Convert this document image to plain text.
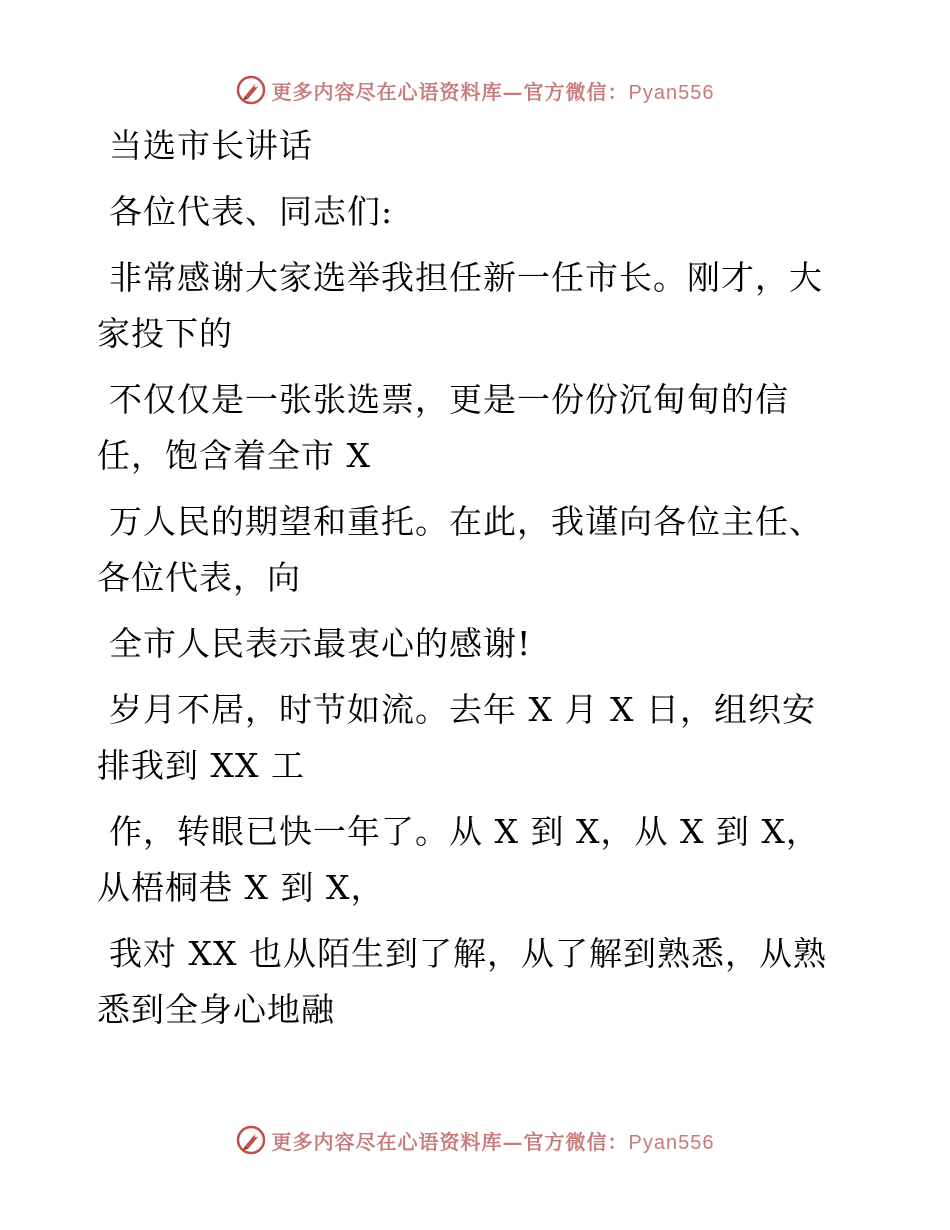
更多内容尽在心语资料库—官方微信：Pyan556
当选市长讲话
各位代表、同志们:
非常感谢大家选举我担任新一任市长。刚才，大
家投下的
不仅仅是一张张选票，更是一份份沉甸甸的信
任，饱含着全市 X
万人民的期望和重托。在此，我谨向各位主任、
各位代表，向
全市人民表示最衷心的感谢!
岁月不居，时节如流。去年 X 月 X 日，组织安
排我到 XX 工
作，转眼已快一年了。从 X 到 X，从 X 到 X，
从梧桐巷 X 到 X，
我对 XX 也从陌生到了解，从了解到熟悉，从熟
悉到全身心地融
更多内容尽在心语资料库—官方微信：Pyan556
